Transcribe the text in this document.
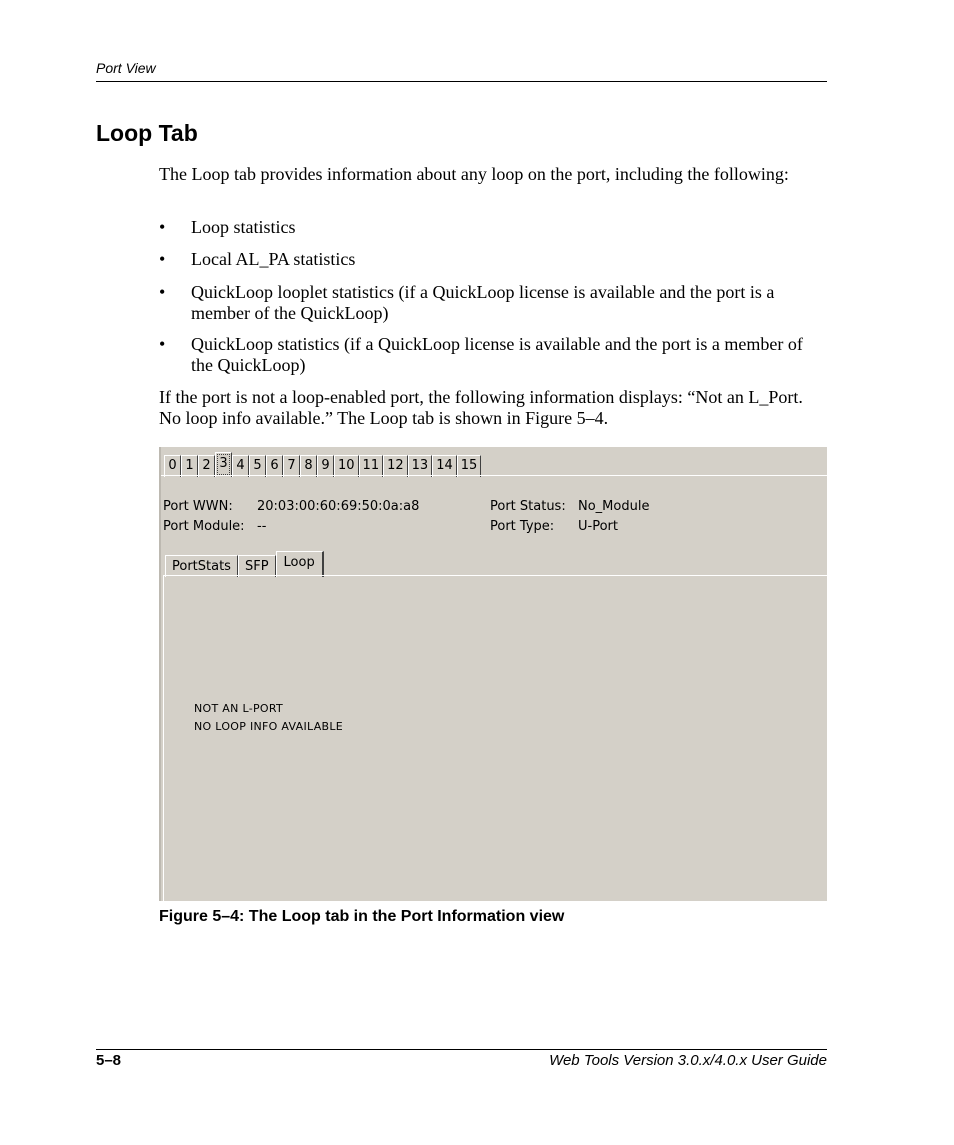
Port View
Loop Tab
The Loop tab provides information about any loop on the port, including the following:
• Loop statistics
• Local AL_PA statistics
• QuickLoop looplet statistics (if a QuickLoop license is available and the port is a member of the QuickLoop)
• QuickLoop statistics (if a QuickLoop license is available and the port is a member of the QuickLoop)
If the port is not a loop-enabled port, the following information displays: “Not an L_Port. No loop info available.” The Loop tab is shown in Figure 5–4.
0 1 2 3 4 5 6 7 8 9 10 11 12 13 14 15
Port WWN: 20:03:00:60:69:50:0a:a8	Port Status: No_Module
Port Module: --	Port Type: U-Port
PortStats	SFP	Loop
NOT AN L-PORT
NO LOOP INFO AVAILABLE
Figure 5–4: The Loop tab in the Port Information view
5–8	Web Tools Version 3.0.x/4.0.x User Guide
